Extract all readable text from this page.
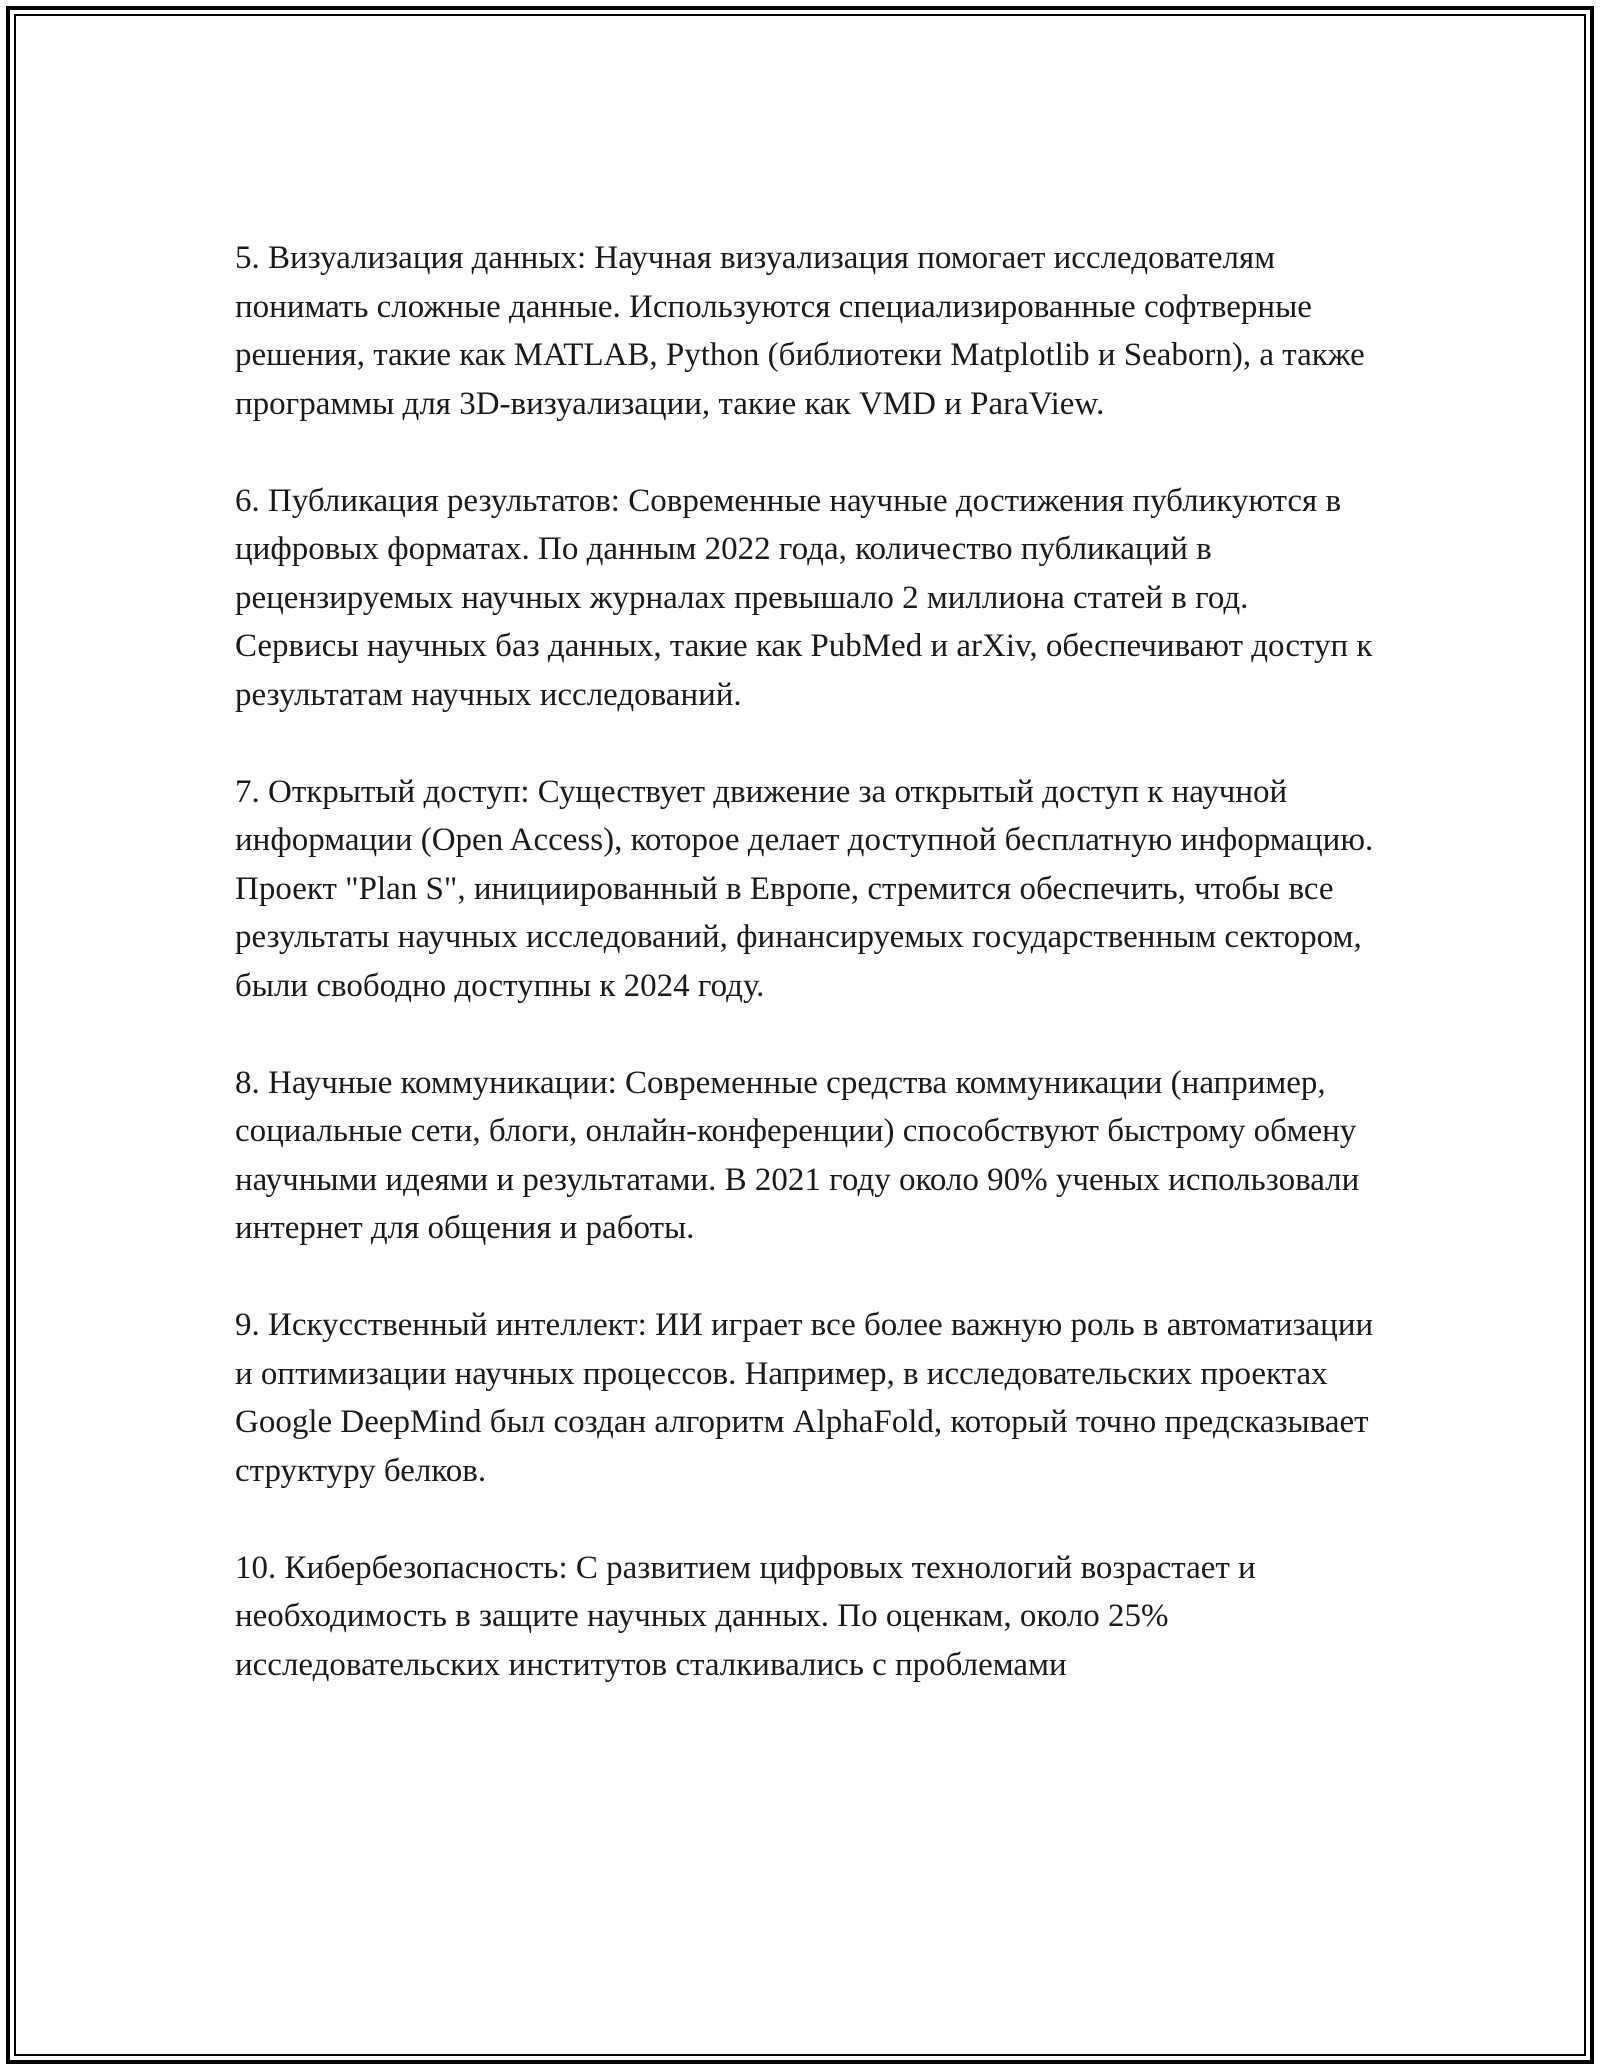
5. Визуализация данных: Научная визуализация помогает исследователям понимать сложные данные. Используются специализированные софтверные решения, такие как MATLAB, Python (библиотеки Matplotlib и Seaborn), а также программы для 3D-визуализации, такие как VMD и ParaView.

6. Публикация результатов: Современные научные достижения публикуются в цифровых форматах. По данным 2022 года, количество публикаций в рецензируемых научных журналах превышало 2 миллиона статей в год. Сервисы научных баз данных, такие как PubMed и arXiv, обеспечивают доступ к результатам научных исследований.

7. Открытый доступ: Существует движение за открытый доступ к научной информации (Open Access), которое делает доступной бесплатную информацию. Проект "Plan S", инициированный в Европе, стремится обеспечить, чтобы все результаты научных исследований, финансируемых государственным сектором, были свободно доступны к 2024 году.

8. Научные коммуникации: Современные средства коммуникации (например, социальные сети, блоги, онлайн-конференции) способствуют быстрому обмену научными идеями и результатами. В 2021 году около 90% ученых использовали интернет для общения и работы.

9. Искусственный интеллект: ИИ играет все более важную роль в автоматизации и оптимизации научных процессов. Например, в исследовательских проектах Google DeepMind был создан алгоритм AlphaFold, который точно предсказывает структуру белков.

10. Кибербезопасность: С развитием цифровых технологий возрастает и необходимость в защите научных данных. По оценкам, около 25% исследовательских институтов сталкивались с проблемами
